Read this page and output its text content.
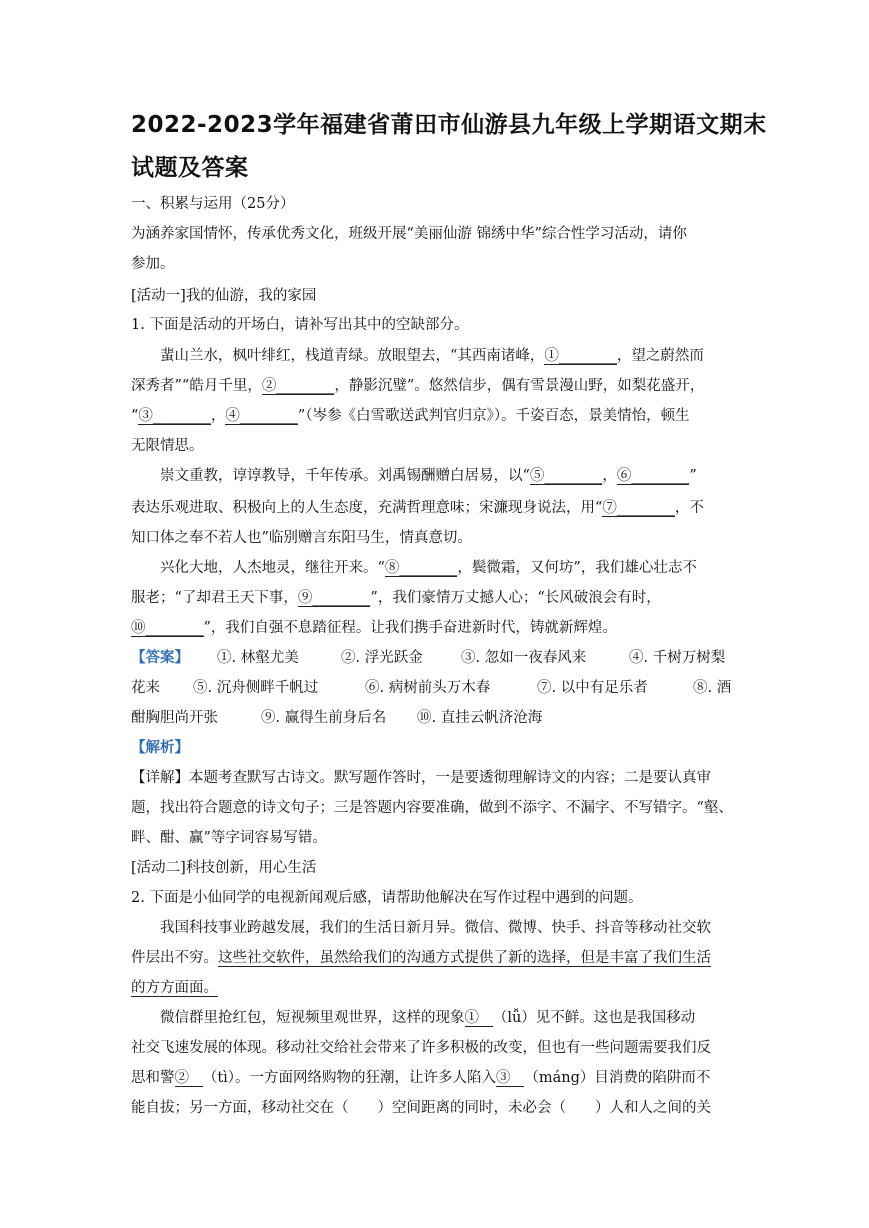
2022-2023学年福建省莆田市仙游县九年级上学期语文期末
试题及答案
一、积累与运用（25分）
为涵养家国情怀，传承优秀文化，班级开展“美丽仙游 锦绣中华”综合性学习活动，请你
参加。
[活动一]我的仙游，我的家园
1. 下面是活动的开场白，请补写出其中的空缺部分。
蜚山兰水，枫叶绯红，栈道青绿。放眼望去，“其西南诸峰，①________，望之蔚然而
深秀者”“皓月千里，②________，静影沉璧”。悠然信步，偶有雪景漫山野，如梨花盛开，
“③________，④________”（岑参《白雪歌送武判官归京》）。千姿百态，景美情怡，顿生
无限情思。
崇文重教，谆谆教导，千年传承。刘禹锡酬赠白居易，以“⑤________，⑥________”
表达乐观进取、积极向上的人生态度，充满哲理意味；宋濂现身说法，用“⑦________，不
知口体之奉不若人也”临别赠言东阳马生，情真意切。
兴化大地，人杰地灵，继往开来。“⑧________，鬓微霜，又何坊”，我们雄心壮志不
服老；“了却君王天下事，⑨________”，我们豪情万丈撼人心；“长风破浪会有时，
⑩________”，我们自强不息踏征程。让我们携手奋进新时代，铸就新辉煌。
【答案】 ①. 林壑尤美	②. 浮光跃金	③. 忽如一夜春风来	④. 千树万树梨
花来 ⑤. 沉舟侧畔千帆过	⑥. 病树前头万木春	⑦. 以中有足乐者	⑧. 酒
酣胸胆尚开张	⑨. 赢得生前身后名 ⑩. 直挂云帆济沧海
【解析】
【详解】本题考查默写古诗文。默写题作答时，一是要透彻理解诗文的内容；二是要认真审
题，找出符合题意的诗文句子；三是答题内容要准确，做到不添字、不漏字、不写错字。“壑、
畔、酣、赢”等字词容易写错。
[活动二]科技创新，用心生活
2. 下面是小仙同学的电视新闻观后感，请帮助他解决在写作过程中遇到的问题。
我国科技事业跨越发展，我们的生活日新月异。微信、微博、快手、抖音等移动社交软
件层出不穷。这些社交软件，虽然给我们的沟通方式提供了新的选择，但是丰富了我们生活
的方方面面。
微信群里抢红包，短视频里观世界，这样的现象①   （lǚ）见不鲜。这也是我国移动
社交飞速发展的体现。移动社交给社会带来了许多积极的改变，但也有一些问题需要我们反
思和警②   （tì）。一方面网络购物的狂潮，让许多人陷入③   （máng）目消费的陷阱而不
能自拔；另一方面，移动社交在（　　）空间距离的同时，未必会（　　）人和人之间的关
